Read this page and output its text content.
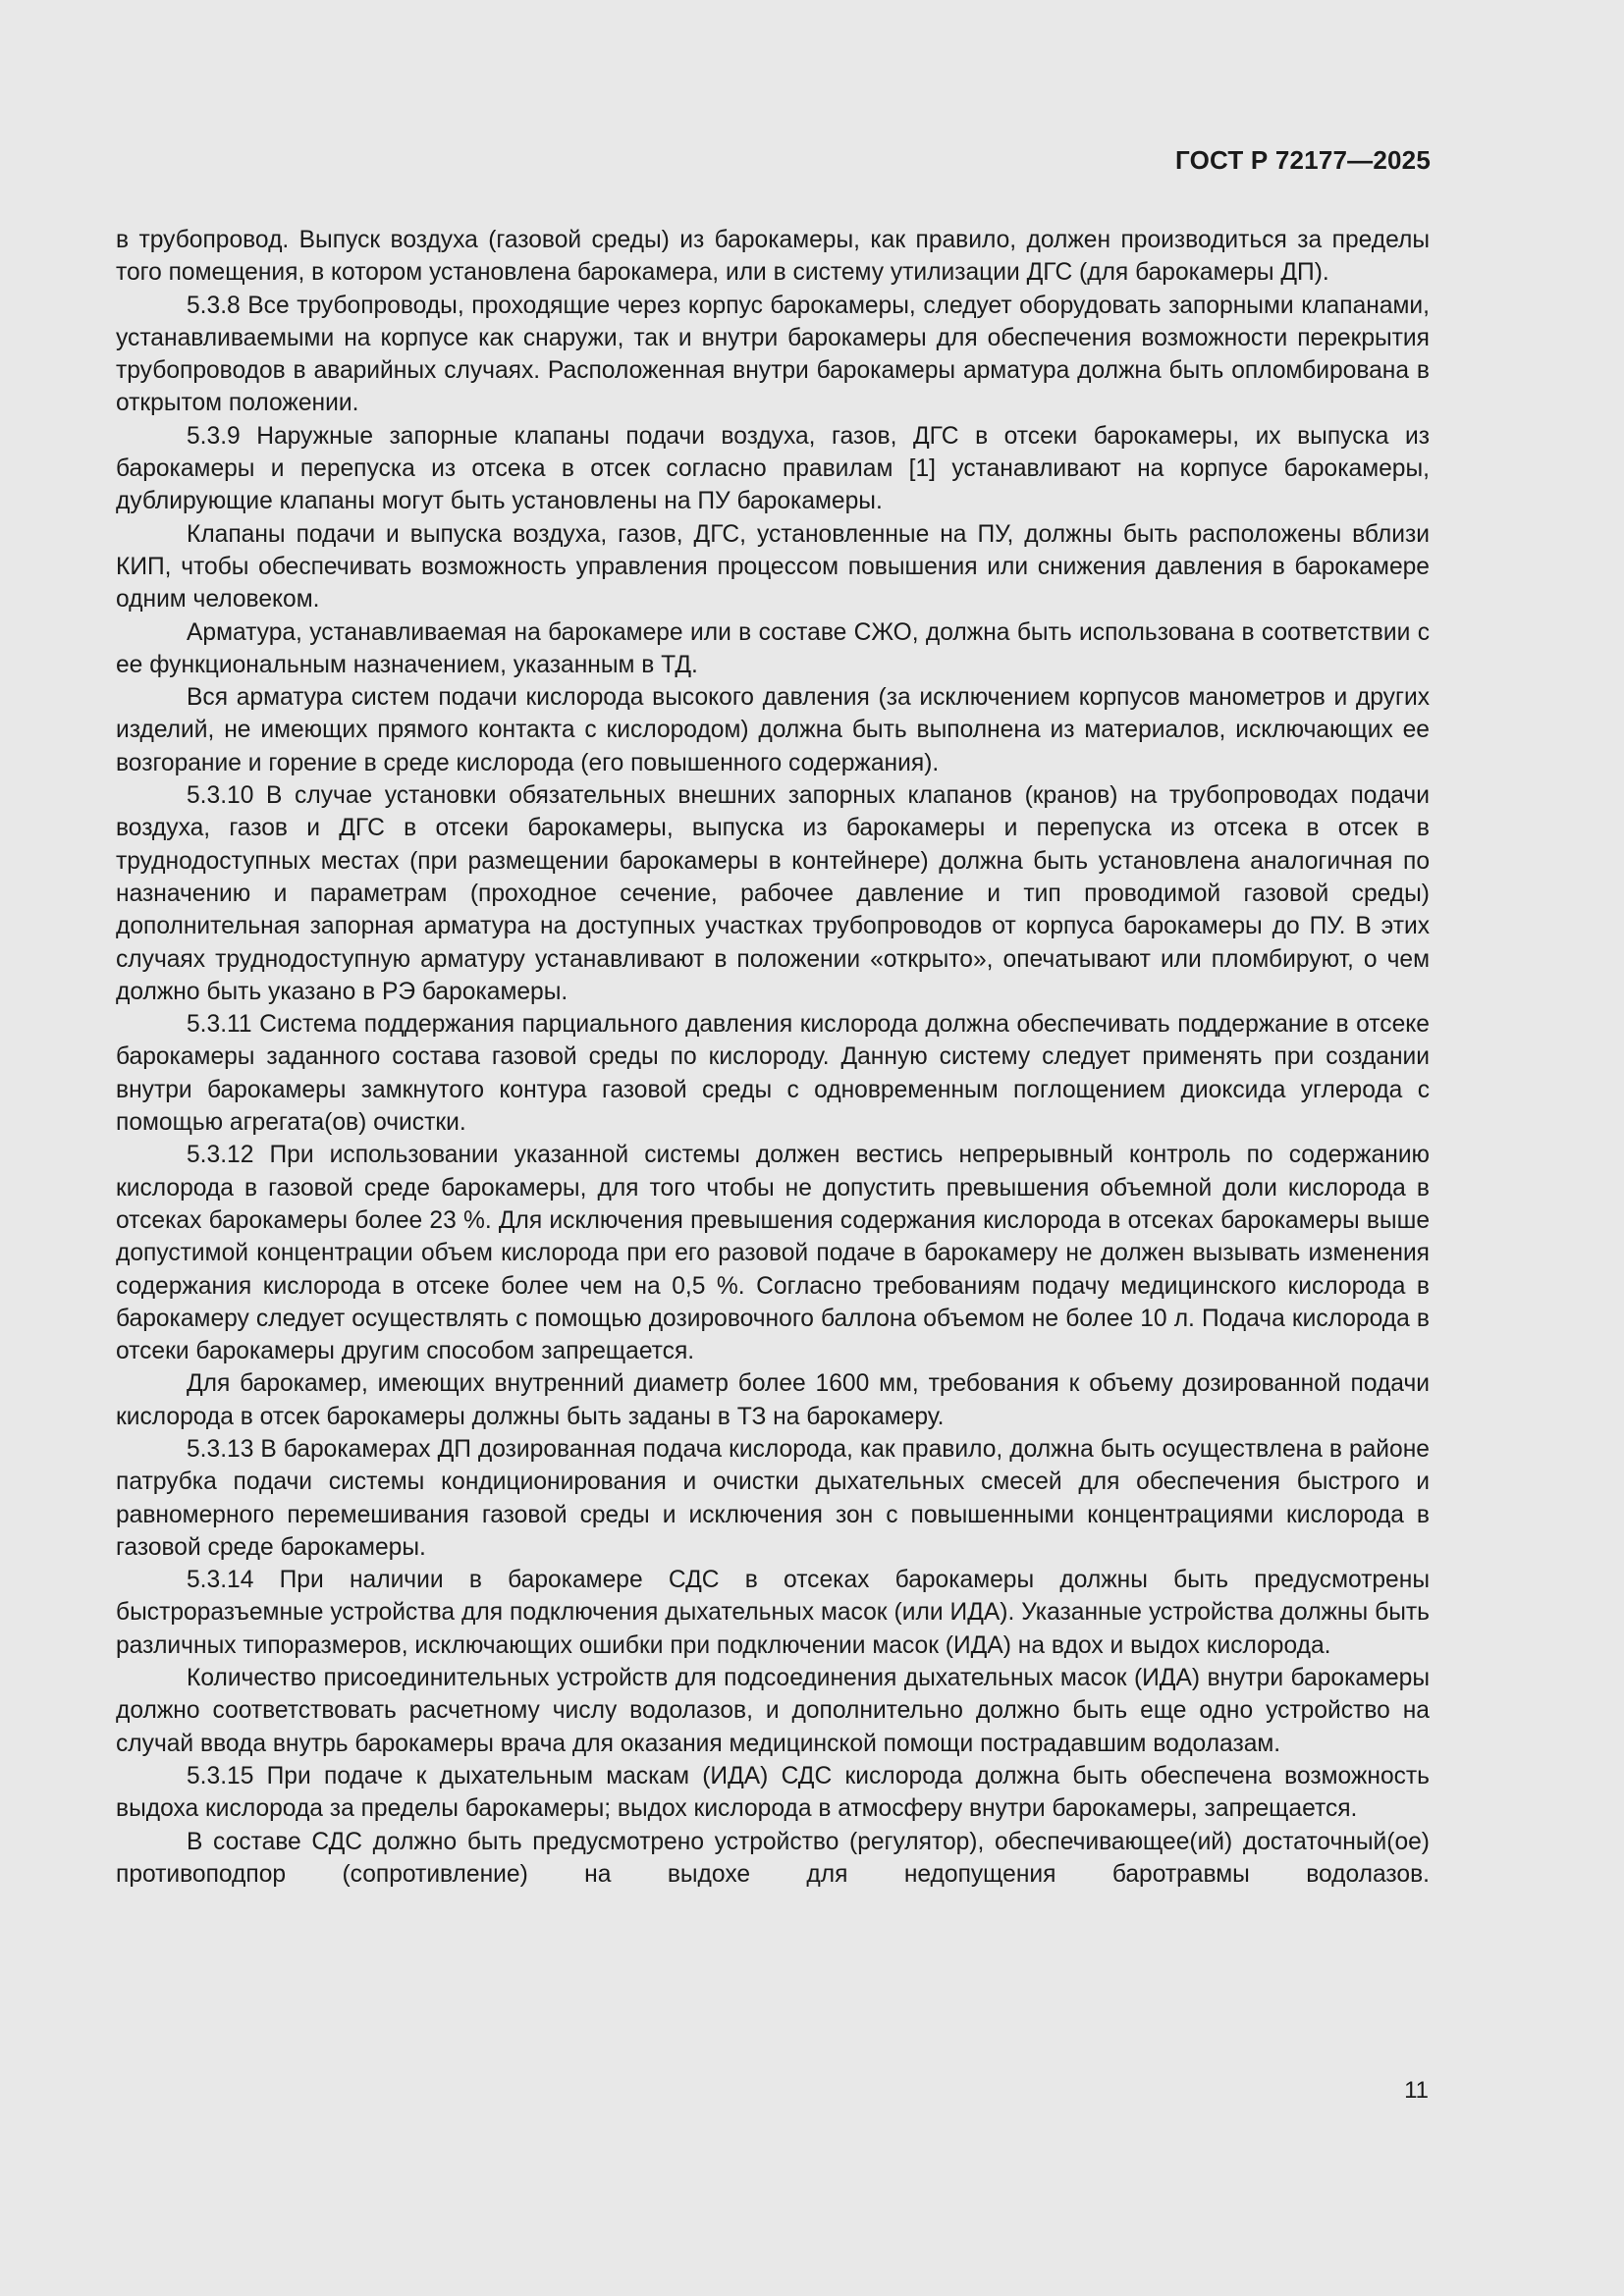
ГОСТ Р 72177—2025

в трубопровод. Выпуск воздуха (газовой среды) из барокамеры, как правило, должен производиться за пределы того помещения, в котором установлена барокамера, или в систему утилизации ДГС (для барокамеры ДП).

5.3.8 Все трубопроводы, проходящие через корпус барокамеры, следует оборудовать запорными клапанами, устанавливаемыми на корпусе как снаружи, так и внутри барокамеры для обеспечения возможности перекрытия трубопроводов в аварийных случаях. Расположенная внутри барокамеры арматура должна быть опломбирована в открытом положении.

5.3.9 Наружные запорные клапаны подачи воздуха, газов, ДГС в отсеки барокамеры, их выпуска из барокамеры и перепуска из отсека в отсек согласно правилам [1] устанавливают на корпусе барокамеры, дублирующие клапаны могут быть установлены на ПУ барокамеры.

Клапаны подачи и выпуска воздуха, газов, ДГС, установленные на ПУ, должны быть расположены вблизи КИП, чтобы обеспечивать возможность управления процессом повышения или снижения давления в барокамере одним человеком.

Арматура, устанавливаемая на барокамере или в составе СЖО, должна быть использована в соответствии с ее функциональным назначением, указанным в ТД.

Вся арматура систем подачи кислорода высокого давления (за исключением корпусов манометров и других изделий, не имеющих прямого контакта с кислородом) должна быть выполнена из материалов, исключающих ее возгорание и горение в среде кислорода (его повышенного содержания).

5.3.10 В случае установки обязательных внешних запорных клапанов (кранов) на трубопроводах подачи воздуха, газов и ДГС в отсеки барокамеры, выпуска из барокамеры и перепуска из отсека в отсек в труднодоступных местах (при размещении барокамеры в контейнере) должна быть установлена аналогичная по назначению и параметрам (проходное сечение, рабочее давление и тип проводимой газовой среды) дополнительная запорная арматура на доступных участках трубопроводов от корпуса барокамеры до ПУ. В этих случаях труднодоступную арматуру устанавливают в положении «открыто», опечатывают или пломбируют, о чем должно быть указано в РЭ барокамеры.

5.3.11 Система поддержания парциального давления кислорода должна обеспечивать поддержание в отсеке барокамеры заданного состава газовой среды по кислороду. Данную систему следует применять при создании внутри барокамеры замкнутого контура газовой среды с одновременным поглощением диоксида углерода с помощью агрегата(ов) очистки.

5.3.12 При использовании указанной системы должен вестись непрерывный контроль по содержанию кислорода в газовой среде барокамеры, для того чтобы не допустить превышения объемной доли кислорода в отсеках барокамеры более 23 %. Для исключения превышения содержания кислорода в отсеках барокамеры выше допустимой концентрации объем кислорода при его разовой подаче в барокамеру не должен вызывать изменения содержания кислорода в отсеке более чем на 0,5 %. Согласно требованиям подачу медицинского кислорода в барокамеру следует осуществлять с помощью дозировочного баллона объемом не более 10 л. Подача кислорода в отсеки барокамеры другим способом запрещается.

Для барокамер, имеющих внутренний диаметр более 1600 мм, требования к объему дозированной подачи кислорода в отсек барокамеры должны быть заданы в ТЗ на барокамеру.

5.3.13 В барокамерах ДП дозированная подача кислорода, как правило, должна быть осуществлена в районе патрубка подачи системы кондиционирования и очистки дыхательных смесей для обеспечения быстрого и равномерного перемешивания газовой среды и исключения зон с повышенными концентрациями кислорода в газовой среде барокамеры.

5.3.14 При наличии в барокамере СДС в отсеках барокамеры должны быть предусмотрены быстроразъемные устройства для подключения дыхательных масок (или ИДА). Указанные устройства должны быть различных типоразмеров, исключающих ошибки при подключении масок (ИДА) на вдох и выдох кислорода.

Количество присоединительных устройств для подсоединения дыхательных масок (ИДА) внутри барокамеры должно соответствовать расчетному числу водолазов, и дополнительно должно быть еще одно устройство на случай ввода внутрь барокамеры врача для оказания медицинской помощи пострадавшим водолазам.

5.3.15 При подаче к дыхательным маскам (ИДА) СДС кислорода должна быть обеспечена возможность выдоха кислорода за пределы барокамеры; выдох кислорода в атмосферу внутри барокамеры, запрещается.

В составе СДС должно быть предусмотрено устройство (регулятор), обеспечивающее(ий) достаточный(ое) противоподпор (сопротивление) на выдохе для недопущения баротравмы водолазов.

11
